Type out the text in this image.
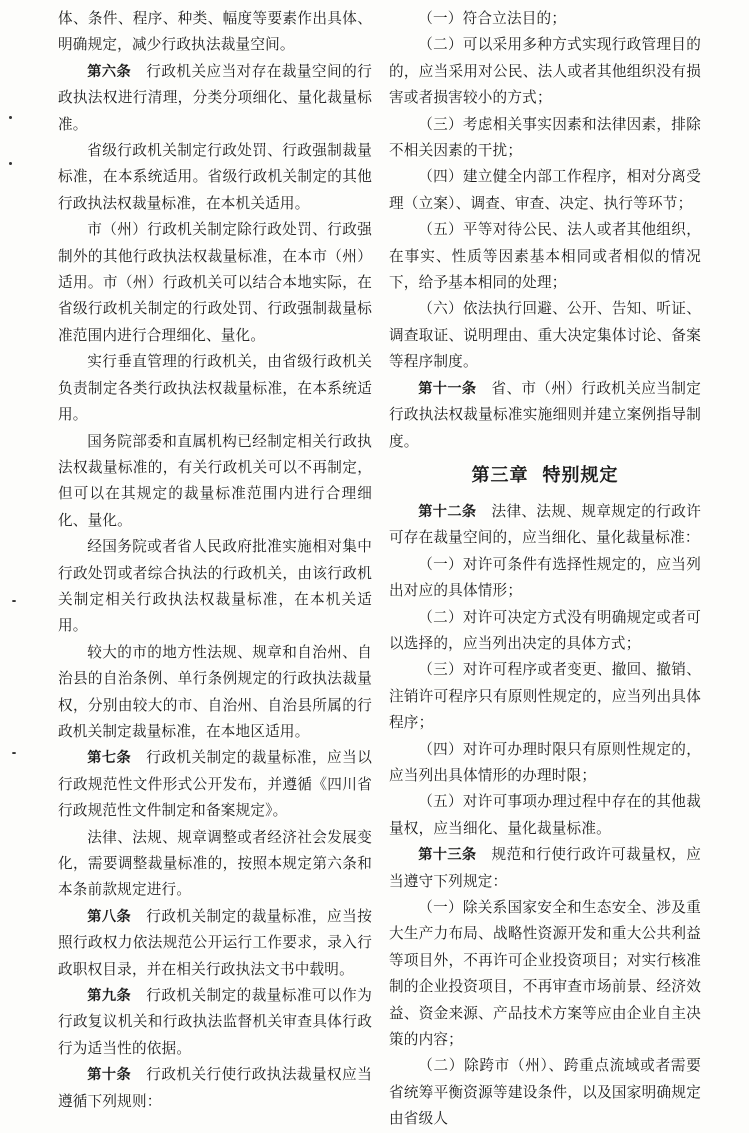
体、条件、程序、种类、幅度等要素作出具体、明确规定，减少行政执法裁量空间。

第六条　 行政机关应当对存在裁量空间的行政执法权进行清理，分类分项细化、量化裁量标准。

省级行政机关制定行政处罚、行政强制裁量标准，在本系统适用。省级行政机关制定的其他行政执法权裁量标准，在本机关适用。

市（州）行政机关制定除行政处罚、行政强制外的其他行政执法权裁量标准，在本市（州）适用。市（州）行政机关可以结合本地实际，在省级行政机关制定的行政处罚、行政强制裁量标准范围内进行合理细化、量化。

实行垂直管理的行政机关，由省级行政机关负责制定各类行政执法权裁量标准，在本系统适用。

国务院部委和直属机构已经制定相关行政执法权裁量标准的，有关行政机关可以不再制定，但可以在其规定的裁量标准范围内进行合理细化、量化。

经国务院或者省人民政府批准实施相对集中行政处罚或者综合执法的行政机关，由该行政机关制定相关行政执法权裁量标准，在本机关适用。

较大的市的地方性法规、规章和自治州、自治县的自治条例、单行条例规定的行政执法裁量权，分别由较大的市、自治州、自治县所属的行政机关制定裁量标准，在本地区适用。

第七条　 行政机关制定的裁量标准，应当以行政规范性文件形式公开发布，并遵循《四川省行政规范性文件制定和备案规定》。

法律、法规、规章调整或者经济社会发展变化，需要调整裁量标准的，按照本规定第六条和本条前款规定进行。

第八条　 行政机关制定的裁量标准，应当按照行政权力依法规范公开运行工作要求，录入行政职权目录，并在相关行政执法文书中载明。

第九条　 行政机关制定的裁量标准可以作为行政复议机关和行政执法监督机关审查具体行政行为适当性的依据。

第十条　 行政机关行使行政执法裁量权应当遵循下列规则：

（一）符合立法目的；

（二）可以采用多种方式实现行政管理目的的，应当采用对公民、法人或者其他组织没有损害或者损害较小的方式；

（三）考虑相关事实因素和法律因素，排除不相关因素的干扰；

（四）建立健全内部工作程序，相对分离受理（立案）、调查、审查、决定、执行等环节；

（五）平等对待公民、法人或者其他组织，在事实、性质等因素基本相同或者相似的情况下，给予基本相同的处理；

（六）依法执行回避、公开、告知、听证、调查取证、说明理由、重大决定集体讨论、备案等程序制度。

第十一条　 省、市（州）行政机关应当制定行政执法权裁量标准实施细则并建立案例指导制度。

第三章 特别规定

第十二条　 法律、法规、规章规定的行政许可存在裁量空间的，应当细化、量化裁量标准：

（一）对许可条件有选择性规定的，应当列出对应的具体情形；

（二）对许可决定方式没有明确规定或者可以选择的，应当列出决定的具体方式；

（三）对许可程序或者变更、撤回、撤销、注销许可程序只有原则性规定的，应当列出具体程序；

（四）对许可办理时限只有原则性规定的，应当列出具体情形的办理时限；

（五）对许可事项办理过程中存在的其他裁量权，应当细化、量化裁量标准。

第十三条　 规范和行使行政许可裁量权，应当遵守下列规定：

（一）除关系国家安全和生态安全、涉及重大生产力布局、战略性资源开发和重大公共利益等项目外，不再许可企业投资项目；对实行核准制的企业投资项目，不再审查市场前景、经济效益、资金来源、产品技术方案等应由企业自主决策的内容；

（二）除跨市（州）、跨重点流域或者需要省统筹平衡资源等建设条件，以及国家明确规定由省级人
